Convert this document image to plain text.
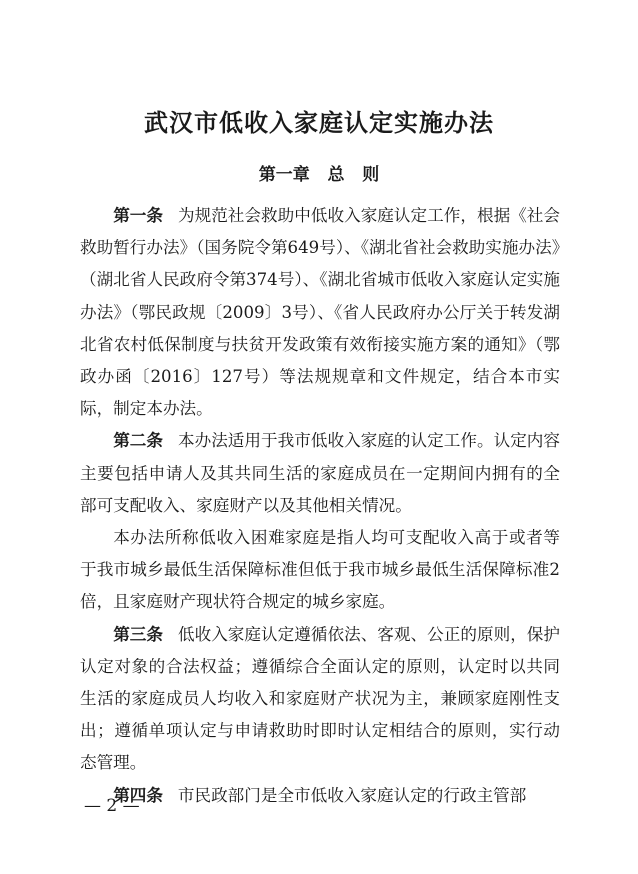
武汉市低收入家庭认定实施办法
第一章   总   则

第一条 为规范社会救助中低收入家庭认定工作，根据《社会救助暂行办法》（国务院令第649号）、《湖北省社会救助实施办法》（湖北省人民政府令第374号）、《湖北省城市低收入家庭认定实施办法》（鄂民政规〔2009〕3号）、《省人民政府办公厅关于转发湖北省农村低保制度与扶贫开发政策有效衔接实施方案的通知》（鄂政办函〔2016〕127号）等法规规章和文件规定，结合本市实际，制定本办法。

第二条 本办法适用于我市低收入家庭的认定工作。认定内容主要包括申请人及其共同生活的家庭成员在一定期间内拥有的全部可支配收入、家庭财产以及其他相关情况。

本办法所称低收入困难家庭是指人均可支配收入高于或者等于我市城乡最低生活保障标准但低于我市城乡最低生活保障标准2倍，且家庭财产现状符合规定的城乡家庭。

第三条 低收入家庭认定遵循依法、客观、公正的原则，保护认定对象的合法权益；遵循综合全面认定的原则，认定时以共同生活的家庭成员人均收入和家庭财产状况为主，兼顾家庭刚性支出；遵循单项认定与申请救助时即时认定相结合的原则，实行动态管理。

第四条 市民政部门是全市低收入家庭认定的行政主管部

— 2 —
